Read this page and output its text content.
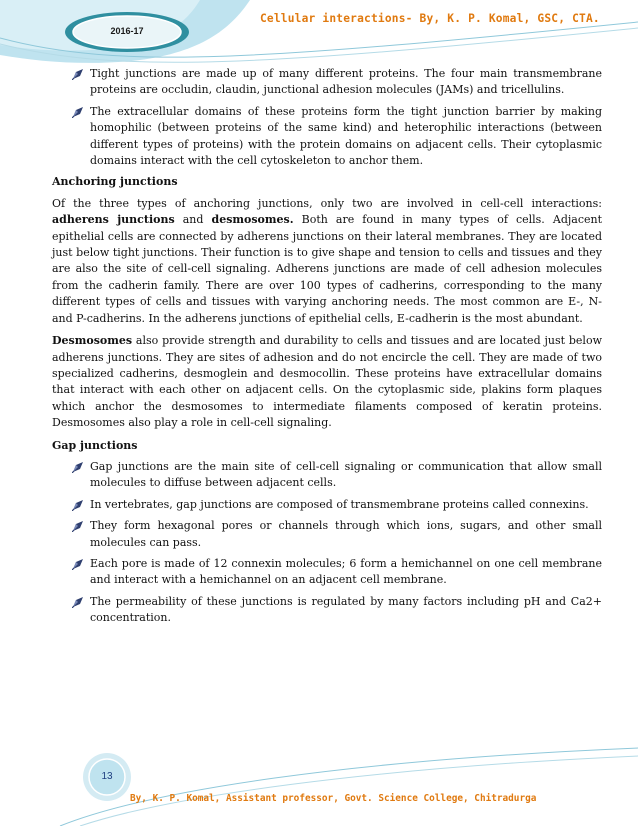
2016-17
Cellular interactions- By, K. P. Komal, GSC, CTA.
Tight junctions are made up of many different proteins. The four main transmembrane proteins are occludin, claudin, junctional adhesion molecules (JAMs) and tricellulins.
The extracellular domains of these proteins form the tight junction barrier by making homophilic (between proteins of the same kind) and heterophilic interactions (between different types of proteins) with the protein domains on adjacent cells. Their cytoplasmic domains interact with the cell cytoskeleton to anchor them.
Anchoring junctions

Of the three types of anchoring junctions, only two are involved in cell-cell interactions: adherens junctions and desmosomes. Both are found in many types of cells. Adjacent epithelial cells are connected by adherens junctions on their lateral membranes. They are located just below tight junctions. Their function is to give shape and tension to cells and tissues and they are also the site of cell-cell signaling. Adherens junctions are made of cell adhesion molecules from the cadherin family. There are over 100 types of cadherins, corresponding to the many different types of cells and tissues with varying anchoring needs. The most common are E-, N- and P-cadherins. In the adherens junctions of epithelial cells, E-cadherin is the most abundant.

Desmosomes also provide strength and durability to cells and tissues and are located just below adherens junctions. They are sites of adhesion and do not encircle the cell. They are made of two specialized cadherins, desmoglein and desmocollin. These proteins have extracellular domains that interact with each other on adjacent cells. On the cytoplasmic side, plakins form plaques which anchor the desmosomes to intermediate filaments composed of keratin proteins. Desmosomes also play a role in cell-cell signaling.

Gap junctions
Gap junctions are the main site of cell-cell signaling or communication that allow small molecules to diffuse between adjacent cells.
In vertebrates, gap junctions are composed of transmembrane proteins called connexins.
They form hexagonal pores or channels through which ions, sugars, and other small molecules can pass.
Each pore is made of 12 connexin molecules; 6 form a hemichannel on one cell membrane and interact with a hemichannel on an adjacent cell membrane.
The permeability of these junctions is regulated by many factors including pH and Ca2+ concentration.
13
By, K. P. Komal, Assistant professor, Govt. Science College, Chitradurga
